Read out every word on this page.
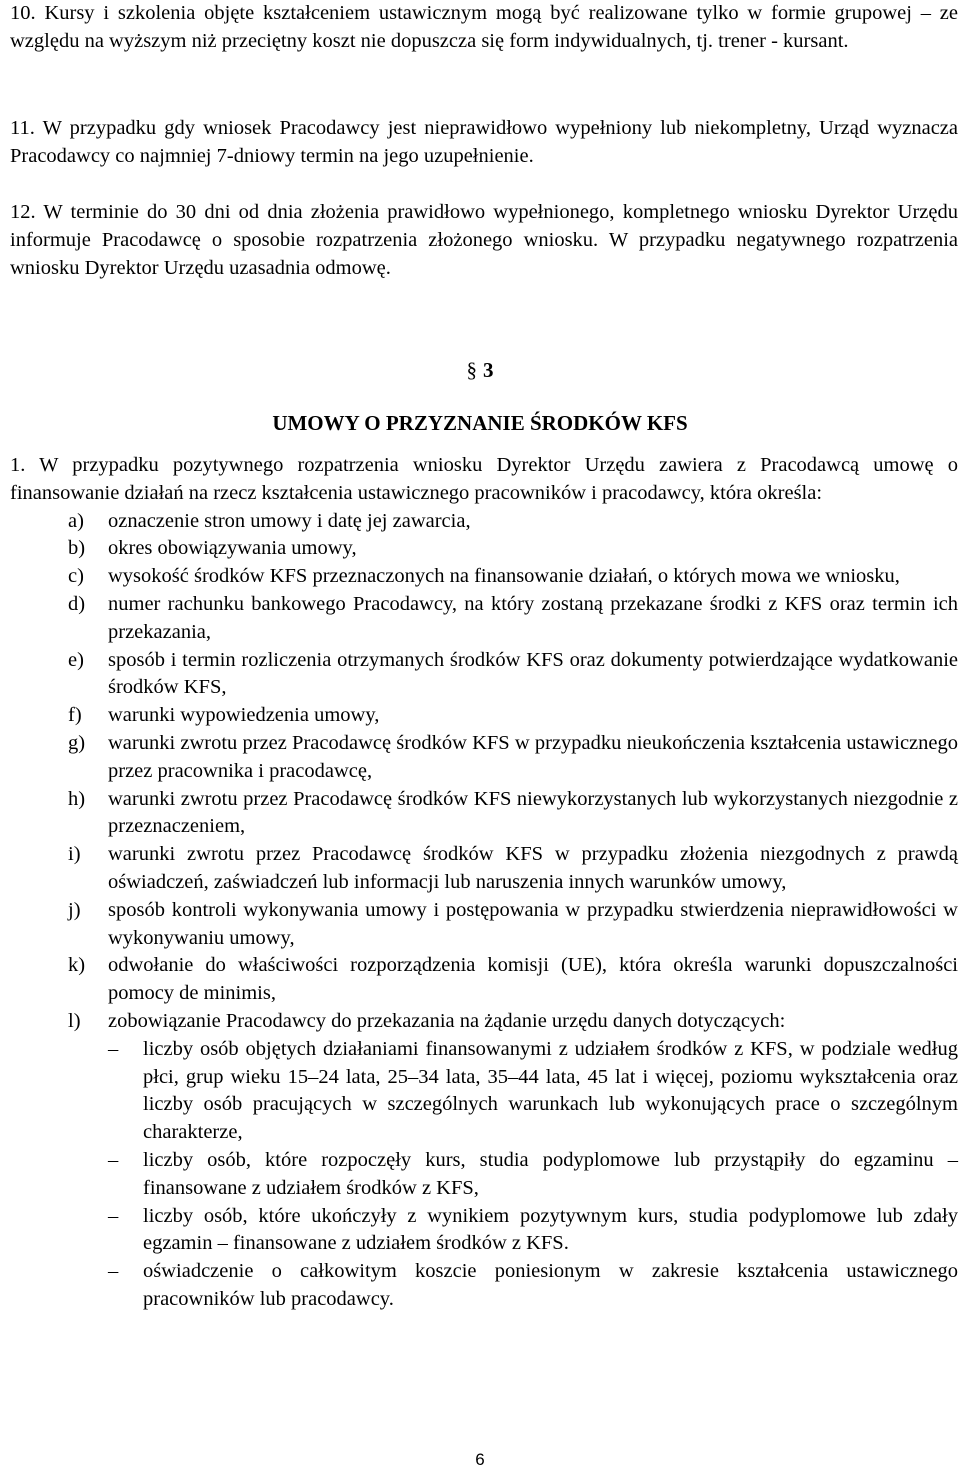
10. Kursy i szkolenia objęte kształceniem ustawicznym mogą być realizowane tylko w formie grupowej – ze względu na wyższym niż przeciętny koszt nie dopuszcza się form indywidualnych, tj. trener - kursant.

11. W przypadku gdy wniosek Pracodawcy jest nieprawidłowo wypełniony lub niekompletny, Urząd wyznacza Pracodawcy co najmniej 7-dniowy termin na jego uzupełnienie.

12. W terminie do 30 dni od dnia złożenia prawidłowo wypełnionego, kompletnego wniosku Dyrektor Urzędu informuje Pracodawcę o sposobie rozpatrzenia złożonego wniosku. W przypadku negatywnego rozpatrzenia wniosku Dyrektor Urzędu uzasadnia odmowę.

§ 3

UMOWY O PRZYZNANIE ŚRODKÓW KFS

1. W przypadku pozytywnego rozpatrzenia wniosku Dyrektor Urzędu zawiera z Pracodawcą umowę o finansowanie działań na rzecz kształcenia ustawicznego pracowników i pracodawcy, która określa:
a) oznaczenie stron umowy i datę jej zawarcia,
b) okres obowiązywania umowy,
c) wysokość środków KFS przeznaczonych na finansowanie działań, o których mowa we wniosku,
d) numer rachunku bankowego Pracodawcy, na który zostaną przekazane środki z KFS oraz termin ich przekazania,
e) sposób i termin rozliczenia otrzymanych środków KFS oraz dokumenty potwierdzające wydatkowanie środków KFS,
f) warunki wypowiedzenia umowy,
g) warunki zwrotu przez Pracodawcę środków KFS w przypadku nieukończenia kształcenia ustawicznego przez pracownika i pracodawcę,
h) warunki zwrotu przez Pracodawcę środków KFS niewykorzystanych lub wykorzystanych niezgodnie z przeznaczeniem,
i) warunki zwrotu przez Pracodawcę środków KFS w przypadku złożenia niezgodnych z prawdą oświadczeń, zaświadczeń lub informacji lub naruszenia innych warunków umowy,
j) sposób kontroli wykonywania umowy i postępowania w przypadku stwierdzenia nieprawidłowości w wykonywaniu umowy,
k) odwołanie do właściwości rozporządzenia komisji (UE), która określa warunki dopuszczalności pomocy de minimis,
l) zobowiązanie Pracodawcy do przekazania na żądanie urzędu danych dotyczących:
– liczby osób objętych działaniami finansowanymi z udziałem środków z KFS, w podziale według płci, grup wieku 15–24 lata, 25–34 lata, 35–44 lata, 45 lat i więcej, poziomu wykształcenia oraz liczby osób pracujących w szczególnych warunkach lub wykonujących prace o szczególnym charakterze,
– liczby osób, które rozpoczęły kurs, studia podyplomowe lub przystąpiły do egzaminu – finansowane z udziałem środków z KFS,
– liczby osób, które ukończyły z wynikiem pozytywnym kurs, studia podyplomowe lub zdały egzamin – finansowane z udziałem środków z KFS.
– oświadczenie o całkowitym koszcie poniesionym w zakresie kształcenia ustawicznego pracowników lub pracodawcy.
6
